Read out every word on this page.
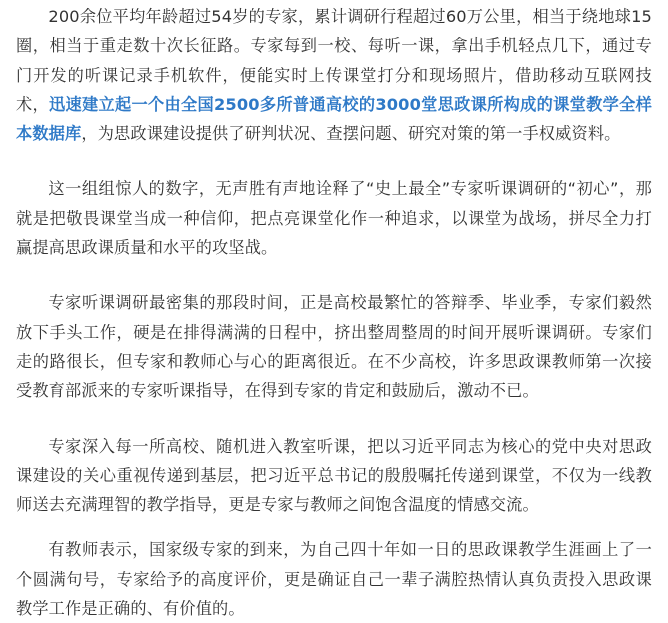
200余位平均年龄超过54岁的专家，累计调研行程超过60万公里，相当于绕地球15圈，相当于重走数十次长征路。专家每到一校、每听一课，拿出手机轻点几下，通过专门开发的听课记录手机软件，便能实时上传课堂打分和现场照片，借助移动互联网技术，迅速建立起一个由全国2500多所普通高校的3000堂思政课所构成的课堂教学全样本数据库，为思政课建设提供了研判状况、查摆问题、研究对策的第一手权威资料。

这一组组惊人的数字，无声胜有声地诠释了“史上最全”专家听课调研的“初心”，那就是把敬畏课堂当成一种信仰，把点亮课堂化作一种追求，以课堂为战场，拼尽全力打赢提高思政课质量和水平的攻坚战。

专家听课调研最密集的那段时间，正是高校最繁忙的答辩季、毕业季，专家们毅然放下手头工作，硬是在排得满满的日程中，挤出整周整周的时间开展听课调研。专家们走的路很长，但专家和教师心与心的距离很近。在不少高校，许多思政课教师第一次接受教育部派来的专家听课指导，在得到专家的肯定和鼓励后，激动不已。

专家深入每一所高校、随机进入教室听课，把以习近平同志为核心的党中央对思政课建设的关心重视传递到基层，把习近平总书记的殷殷嘱托传递到课堂，不仅为一线教师送去充满理智的教学指导，更是专家与教师之间饱含温度的情感交流。

有教师表示，国家级专家的到来，为自己四十年如一日的思政课教学生涯画上了一个圆满句号，专家给予的高度评价，更是确证自己一辈子满腔热情认真负责投入思政课教学工作是正确的、有价值的。
